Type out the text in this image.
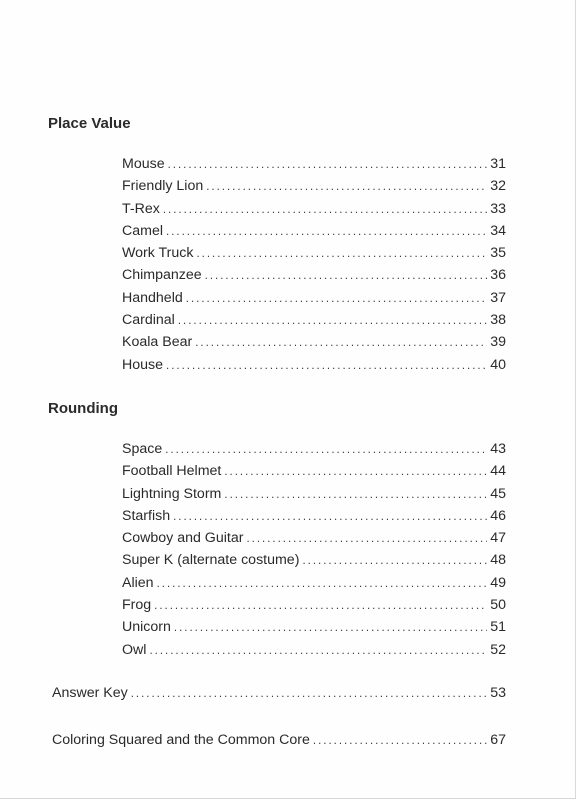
Place Value
Mouse . . .	31
Friendly Lion . . .	32
T-Rex . . .	33
Camel . . .	34
Work Truck . . .	35
Chimpanzee . . .	36
Handheld . . .	37
Cardinal . . .	38
Koala Bear . . .	39
House . . .	40
Rounding
Space . . .	43
Football Helmet . . .	44
Lightning Storm . . .	45
Starfish . . .	46
Cowboy and Guitar . . .	47
Super K (alternate costume) . . .	48
Alien . . .	49
Frog . . .	50
Unicorn . . .	51
Owl . . .	52
Answer Key . . .	53
Coloring Squared and the Common Core . . .	67
